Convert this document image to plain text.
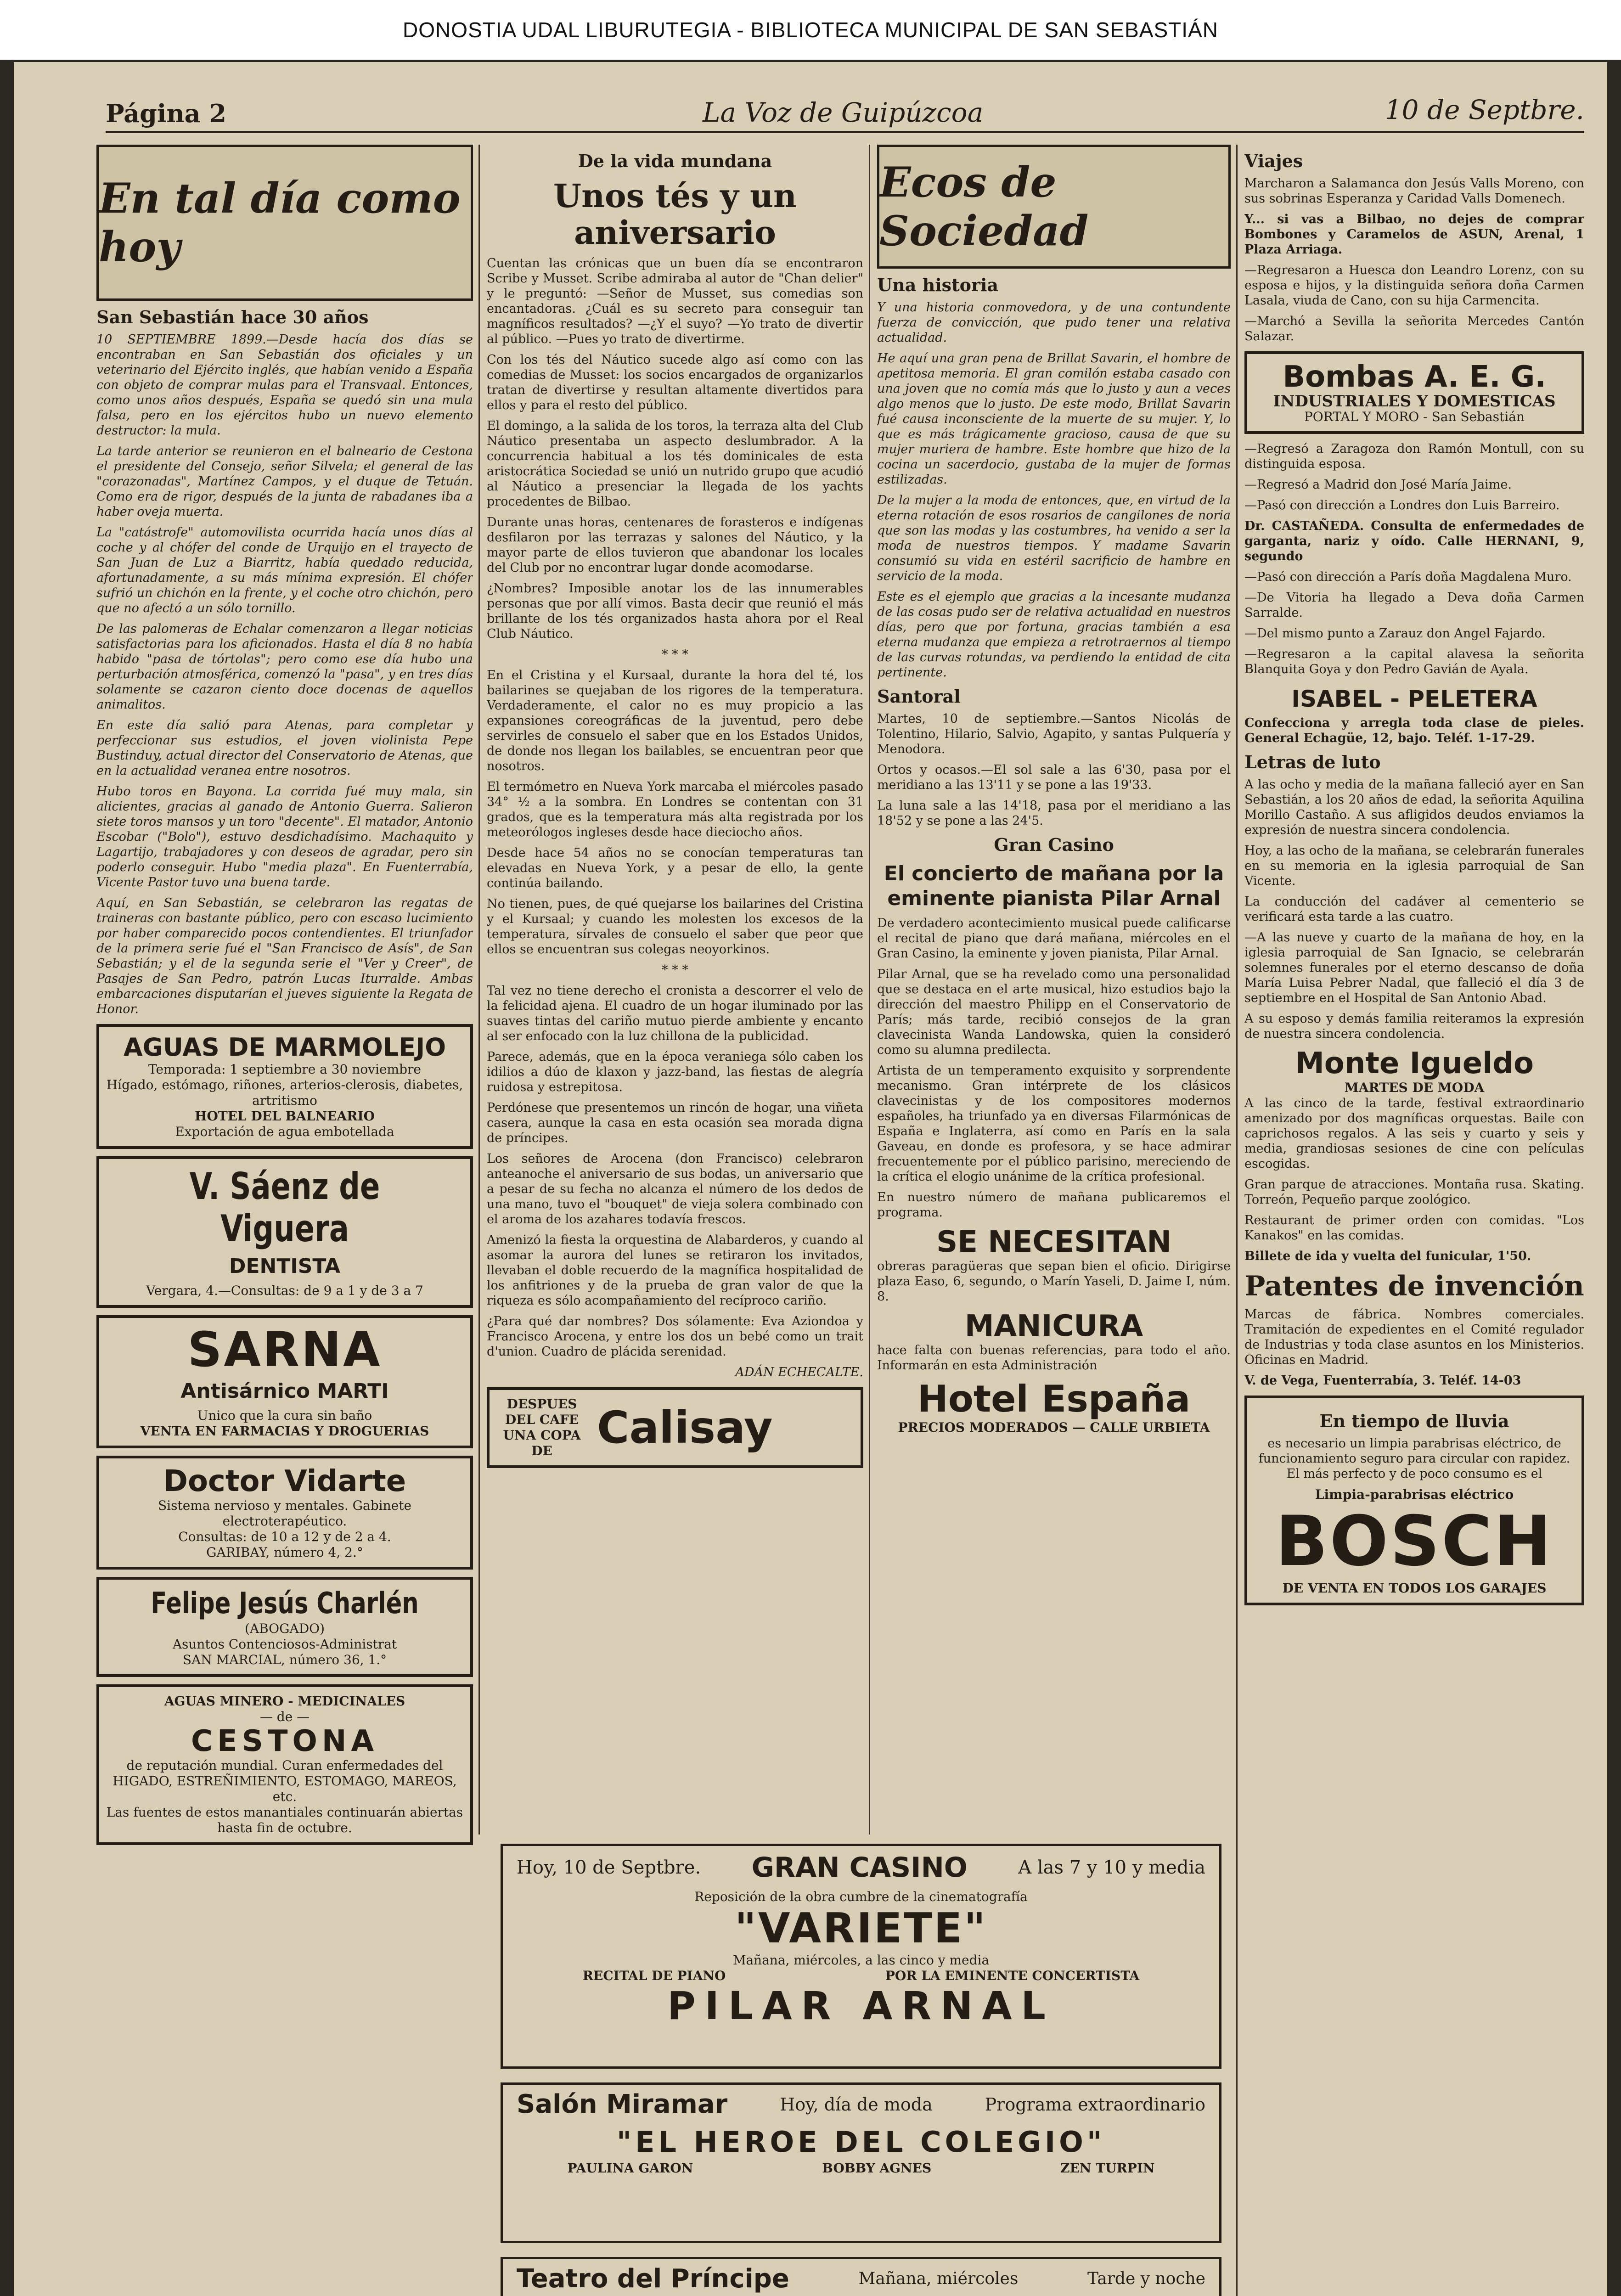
DONOSTIA UDAL LIBURUTEGIA - BIBLIOTECA MUNICIPAL DE SAN SEBASTIÁN
Página 2	La Voz de Guipúzcoa	10 de Septbre.
En tal día como hoy
San Sebastián hace 30 años

10 SEPTIEMBRE 1899.—Desde hacía dos días se encontraban en San Sebastián dos oficiales y un veterinario del Ejército inglés, que habían venido a España con objeto de comprar mulas para el Transvaal. Entonces, como unos años después, España se quedó sin una mula falsa, pero en los ejércitos hubo un nuevo elemento destructor: la mula.

La tarde anterior se reunieron en el balneario de Cestona el presidente del Consejo, señor Silvela; el general de las "corazonadas", Martínez Campos, y el duque de Tetuán. Como era de rigor, después de la junta de rabadanes iba a haber oveja muerta.

La "catástrofe" automovilista ocurrida hacía unos días al coche y al chófer del conde de Urquijo en el trayecto de San Juan de Luz a Biarritz, había quedado reducida, afortunadamente, a su más mínima expresión. El chófer sufrió un chichón en la frente, y el coche otro chichón, pero que no afectó a un sólo tornillo.

De las palomeras de Echalar comenzaron a llegar noticias satisfactorias para los aficionados. Hasta el día 8 no había habido "pasa de tórtolas"; pero como ese día hubo una perturbación atmosférica, comenzó la "pasa", y en tres días solamente se cazaron ciento doce docenas de aquellos animalitos.

En este día salió para Atenas, para completar y perfeccionar sus estudios, el joven violinista Pepe Bustinduy, actual director del Conservatorio de Atenas, que en la actualidad veranea entre nosotros.

Hubo toros en Bayona. La corrida fué muy mala, sin alicientes, gracias al ganado de Antonio Guerra. Salieron siete toros mansos y un toro "decente". El matador, Antonio Escobar ("Bolo"), estuvo desdichadísimo. Machaquito y Lagartijo, trabajadores y con deseos de agradar, pero sin poderlo conseguir. Hubo "media plaza". En Fuenterrabía, Vicente Pastor tuvo una buena tarde.

Aquí, en San Sebastián, se celebraron las regatas de traineras con bastante público, pero con escaso lucimiento por haber comparecido pocos contendientes. El triunfador de la primera serie fué el "San Francisco de Asís", de San Sebastián; y el de la segunda serie el "Ver y Creer", de Pasajes de San Pedro, patrón Lucas Iturralde. Ambas embarcaciones disputarían el jueves siguiente la Regata de Honor.

AGUAS DE MARMOLEJO
Temporada: 1 septiembre a 30 noviembre
Hígado, estómago, riñones, arterios-clerosis, diabetes, artritismo
HOTEL DEL BALNEARIO
Exportación de agua embotellada
V. Sáenz de Viguera
DENTISTA
Vergara, 4.—Consultas: de 9 a 1 y de 3 a 7
SARNA
Antisárnico MARTI
Unico que la cura sin baño
VENTA EN FARMACIAS Y DROGUERIAS
Doctor Vidarte
Sistema nervioso y mentales. Gabinete electroterapéutico.
Consultas: de 10 a 12 y de 2 a 4.
GARIBAY, número 4, 2.°
Felipe Jesús Charlén
(ABOGADO)
Asuntos Contenciosos-Administrat
SAN MARCIAL, número 36, 1.°
AGUAS MINERO - MEDICINALES
— de —
CESTONA
de reputación mundial. Curan enfermedades del HIGADO, ESTREÑIMIENTO, ESTOMAGO, MAREOS, etc.
Las fuentes de estos manantiales continuarán abiertas hasta fin de octubre.
De la vida mundana
Unos tés y un aniversario

Cuentan las crónicas que un buen día se encontraron Scribe y Musset. Scribe admiraba al autor de "Chan delier" y le preguntó: —Señor de Musset, sus comedias son encantadoras. ¿Cuál es su secreto para conseguir tan magníficos resultados? —¿Y el suyo? —Yo trato de divertir al público. —Pues yo trato de divertirme.

Con los tés del Náutico sucede algo así como con las comedias de Musset: los socios encargados de organizarlos tratan de divertirse y resultan altamente divertidos para ellos y para el resto del público.

El domingo, a la salida de los toros, la terraza alta del Club Náutico presentaba un aspecto deslumbrador. A la concurrencia habitual a los tés dominicales de esta aristocrática Sociedad se unió un nutrido grupo que acudió al Náutico a presenciar la llegada de los yachts procedentes de Bilbao.

Durante unas horas, centenares de forasteros e indígenas desfilaron por las terrazas y salones del Náutico, y la mayor parte de ellos tuvieron que abandonar los locales del Club por no encontrar lugar donde acomodarse.

¿Nombres? Imposible anotar los de las innumerables personas que por allí vimos. Basta decir que reunió el más brillante de los tés organizados hasta ahora por el Real Club Náutico.

* * *

En el Cristina y el Kursaal, durante la hora del té, los bailarines se quejaban de los rigores de la temperatura. Verdaderamente, el calor no es muy propicio a las expansiones coreográficas de la juventud, pero debe servirles de consuelo el saber que en los Estados Unidos, de donde nos llegan los bailables, se encuentran peor que nosotros.

El termómetro en Nueva York marcaba el miércoles pasado 34° ½ a la sombra. En Londres se contentan con 31 grados, que es la temperatura más alta registrada por los meteorólogos ingleses desde hace dieciocho años.

Desde hace 54 años no se conocían temperaturas tan elevadas en Nueva York, y a pesar de ello, la gente continúa bailando.

No tienen, pues, de qué quejarse los bailarines del Cristina y el Kursaal; y cuando les molesten los excesos de la temperatura, sírvales de consuelo el saber que peor que ellos se encuentran sus colegas neoyorkinos.

* * *

Tal vez no tiene derecho el cronista a descorrer el velo de la felicidad ajena. El cuadro de un hogar iluminado por las suaves tintas del cariño mutuo pierde ambiente y encanto al ser enfocado con la luz chillona de la publicidad.

Parece, además, que en la época veraniega sólo caben los idilios a dúo de klaxon y jazz-band, las fiestas de alegría ruidosa y estrepitosa.

Perdónese que presentemos un rincón de hogar, una viñeta casera, aunque la casa en esta ocasión sea morada digna de príncipes.

Los señores de Arocena (don Francisco) celebraron anteanoche el aniversario de sus bodas, un aniversario que a pesar de su fecha no alcanza el número de los dedos de una mano, tuvo el "bouquet" de vieja solera combinado con el aroma de los azahares todavía frescos.

Amenizó la fiesta la orquestina de Alabarderos, y cuando al asomar la aurora del lunes se retiraron los invitados, llevaban el doble recuerdo de la magnífica hospitalidad de los anfitriones y de la prueba de gran valor de que la riqueza es sólo acompañamiento del recíproco cariño.

¿Para qué dar nombres? Dos sólamente: Eva Aziondoa y Francisco Arocena, y entre los dos un bebé como un trait d'union. Cuadro de plácida serenidad.

ADÁN ECHECALTE.

DESPUES DEL CAFE UNA COPA DE	Calisay
Ecos de Sociedad
Una historia

Y una historia conmovedora, y de una contundente fuerza de convicción, que pudo tener una relativa actualidad.

He aquí una gran pena de Brillat Savarin, el hombre de apetitosa memoria. El gran comilón estaba casado con una joven que no comía más que lo justo y aun a veces algo menos que lo justo. De este modo, Brillat Savarin fué causa inconsciente de la muerte de su mujer. Y, lo que es más trágicamente gracioso, causa de que su mujer muriera de hambre. Este hombre que hizo de la cocina un sacerdocio, gustaba de la mujer de formas estilizadas.

De la mujer a la moda de entonces, que, en virtud de la eterna rotación de esos rosarios de cangilones de noria que son las modas y las costumbres, ha venido a ser la moda de nuestros tiempos. Y madame Savarin consumió su vida en estéril sacrificio de hambre en servicio de la moda.

Este es el ejemplo que gracias a la incesante mudanza de las cosas pudo ser de relativa actualidad en nuestros días, pero que por fortuna, gracias también a esa eterna mudanza que empieza a retrotraernos al tiempo de las curvas rotundas, va perdiendo la entidad de cita pertinente.

Santoral

Martes, 10 de septiembre.—Santos Nicolás de Tolentino, Hilario, Salvio, Agapito, y santas Pulquería y Menodora.

Ortos y ocasos.—El sol sale a las 6'30, pasa por el meridiano a las 13'11 y se pone a las 19'33.

La luna sale a las 14'18, pasa por el meridiano a las 18'52 y se pone a las 24'5.

Gran Casino
El concierto de mañana por la eminente pianista Pilar Arnal

De verdadero acontecimiento musical puede calificarse el recital de piano que dará mañana, miércoles en el Gran Casino, la eminente y joven pianista, Pilar Arnal.

Pilar Arnal, que se ha revelado como una personalidad que se destaca en el arte musical, hizo estudios bajo la dirección del maestro Philipp en el Conservatorio de París; más tarde, recibió consejos de la gran clavecinista Wanda Landowska, quien la consideró como su alumna predilecta.

Artista de un temperamento exquisito y sorprendente mecanismo. Gran intérprete de los clásicos clavecinistas y de los compositores modernos españoles, ha triunfado ya en diversas Filarmónicas de España e Inglaterra, así como en París en la sala Gaveau, en donde es profesora, y se hace admirar frecuentemente por el público parisino, mereciendo de la crítica el elogio unánime de la crítica profesional.

En nuestro número de mañana publicaremos el programa.

SE NECESITAN

obreras paragüeras que sepan bien el oficio. Dirigirse plaza Easo, 6, segundo, o Marín Yaseli, D. Jaime I, núm. 8.

MANICURA

hace falta con buenas referencias, para todo el año. Informarán en esta Administración

Hotel España
PRECIOS MODERADOS — CALLE URBIETA
Viajes

Marcharon a Salamanca don Jesús Valls Moreno, con sus sobrinas Esperanza y Caridad Valls Domenech.

Y... si vas a Bilbao, no dejes de comprar Bombones y Caramelos de ASUN, Arenal, 1 Plaza Arriaga.

—Regresaron a Huesca don Leandro Lorenz, con su esposa e hijos, y la distinguida señora doña Carmen Lasala, viuda de Cano, con su hija Carmencita.

—Marchó a Sevilla la señorita Mercedes Cantón Salazar.

Bombas A. E. G.
INDUSTRIALES Y DOMESTICAS
PORTAL Y MORO - San Sebastián

—Regresó a Zaragoza don Ramón Montull, con su distinguida esposa.

—Regresó a Madrid don José María Jaime.

—Pasó con dirección a Londres don Luis Barreiro.

Dr. CASTAÑEDA. Consulta de enfermedades de garganta, nariz y oído. Calle HERNANI, 9, segundo

—Pasó con dirección a París doña Magdalena Muro.

—De Vitoria ha llegado a Deva doña Carmen Sarralde.

—Del mismo punto a Zarauz don Angel Fajardo.

—Regresaron a la capital alavesa la señorita Blanquita Goya y don Pedro Gavián de Ayala.

ISABEL - PELETERA

Confecciona y arregla toda clase de pieles. General Echagüe, 12, bajo. Teléf. 1-17-29.

Letras de luto

A las ocho y media de la mañana falleció ayer en San Sebastián, a los 20 años de edad, la señorita Aquilina Morillo Castaño. A sus afligidos deudos enviamos la expresión de nuestra sincera condolencia.

Hoy, a las ocho de la mañana, se celebrarán funerales en su memoria en la iglesia parroquial de San Vicente.

La conducción del cadáver al cementerio se verificará esta tarde a las cuatro.

—A las nueve y cuarto de la mañana de hoy, en la iglesia parroquial de San Ignacio, se celebrarán solemnes funerales por el eterno descanso de doña María Luisa Pebrer Nadal, que falleció el día 3 de septiembre en el Hospital de San Antonio Abad.

A su esposo y demás familia reiteramos la expresión de nuestra sincera condolencia.

Monte Igueldo
MARTES DE MODA

A las cinco de la tarde, festival extraordinario amenizado por dos magníficas orquestas. Baile con caprichosos regalos. A las seis y cuarto y seis y media, grandiosas sesiones de cine con películas escogidas.

Gran parque de atracciones. Montaña rusa. Skating. Torreón, Pequeño parque zoológico.

Restaurant de primer orden con comidas. "Los Kanakos" en las comidas.

Billete de ida y vuelta del funicular, 1'50.

Patentes de invención

Marcas de fábrica. Nombres comerciales. Tramitación de expedientes en el Comité regulador de Industrias y toda clase asuntos en los Ministerios. Oficinas en Madrid.

V. de Vega, Fuenterrabía, 3. Teléf. 14-03

En tiempo de lluvia

es necesario un limpia parabrisas eléctrico, de funcionamiento seguro para circular con rapidez. El más perfecto y de poco consumo es el

Limpia-parabrisas eléctrico
BOSCH
DE VENTA EN TODOS LOS GARAJES
Hoy, 10 de Septbre. GRAN CASINO	A las 7 y 10 y media
Reposición de la obra cumbre de la cinematografía
"VARIETE"
Mañana, miércoles, a las cinco y media
RECITAL DE PIANO	POR LA EMINENTE CONCERTISTA
PILAR ARNAL
Salón Miramar	Hoy, día de moda	Programa extraordinario
"EL HEROE DEL COLEGIO"
PAULINA GARON	BOBBY AGNES	ZEN TURPIN
Teatro del Príncipe	Mañana, miércoles	Tarde y noche
